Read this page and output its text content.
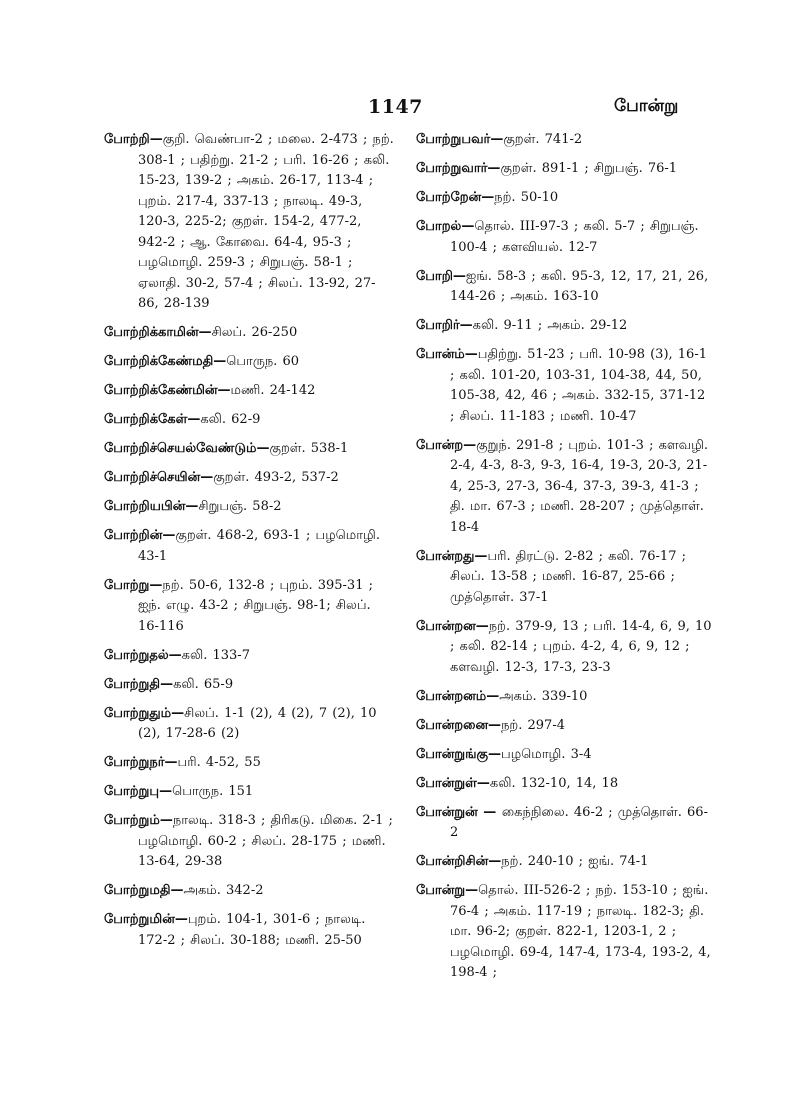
1147	போன்று

போற்றி—குறி. வெண்பா-2 ; மலை. 2-473 ; நற். 308-1 ; பதிற்று. 21-2 ; பரி. 16-26 ; கலி. 15-23, 139-2 ; அகம். 26-17, 113-4 ; புறம். 217-4, 337-13 ; நாலடி. 49-3, 120-3, 225-2; குறள். 154-2, 477-2, 942-2 ; ஆ. கோவை. 64-4, 95-3 ; பழமொழி. 259-3 ; சிறுபஞ். 58-1 ; ஏலாதி. 30-2, 57-4 ; சிலப். 13-92, 27-86, 28-139

போற்றிக்காமின்—சிலப். 26-250

போற்றிக்கேண்மதி—பொருந. 60

போற்றிக்கேண்மின்—மணி. 24-142

போற்றிக்கேள்—கலி. 62-9

போற்றிச்செயல்வேண்டும்—குறள். 538-1

போற்றிச்செயின்—குறள். 493-2, 537-2

போற்றியபின்—சிறுபஞ். 58-2

போற்றின்—குறள். 468-2, 693-1 ; பழமொழி. 43-1

போற்று—நற். 50-6, 132-8 ; புறம். 395-31 ; ஐந். எழு. 43-2 ; சிறுபஞ். 98-1; சிலப். 16-116

போற்றுதல்—கலி. 133-7

போற்றுதி—கலி. 65-9

போற்றுதும்—சிலப். 1-1 (2), 4 (2), 7 (2), 10 (2), 17-28-6 (2)

போற்றுநர்—பரி. 4-52, 55

போற்றுபு—பொருந. 151

போற்றும்—நாலடி. 318-3 ; திரிகடு. மிகை. 2-1 ; பழமொழி. 60-2 ; சிலப். 28-175 ; மணி. 13-64, 29-38

போற்றுமதி—அகம். 342-2

போற்றுமின்—புறம். 104-1, 301-6 ; நாலடி. 172-2 ; சிலப். 30-188; மணி. 25-50

போற்றுபவர்—குறள். 741-2

போற்றுவார்—குறள். 891-1 ; சிறுபஞ். 76-1

போற்றேன்—நற். 50-10

போறல்—தொல். III-97-3 ; கலி. 5-7 ; சிறுபஞ். 100-4 ; களவியல். 12-7

போறி—ஐங். 58-3 ; கலி. 95-3, 12, 17, 21, 26, 144-26 ; அகம். 163-10

போறிர்—கலி. 9-11 ; அகம். 29-12

போன்ம்—பதிற்று. 51-23 ; பரி. 10-98 (3), 16-1 ; கலி. 101-20, 103-31, 104-38, 44, 50, 105-38, 42, 46 ; அகம். 332-15, 371-12 ; சிலப். 11-183 ; மணி. 10-47

போன்ற—குறுந். 291-8 ; புறம். 101-3 ; களவழி. 2-4, 4-3, 8-3, 9-3, 16-4, 19-3, 20-3, 21-4, 25-3, 27-3, 36-4, 37-3, 39-3, 41-3 ; தி. மா. 67-3 ; மணி. 28-207 ; முத்தொள். 18-4

போன்றது—பரி. திரட்டு. 2-82 ; கலி. 76-17 ; சிலப். 13-58 ; மணி. 16-87, 25-66 ; முத்தொள். 37-1

போன்றன—நற். 379-9, 13 ; பரி. 14-4, 6, 9, 10 ; கலி. 82-14 ; புறம். 4-2, 4, 6, 9, 12 ; களவழி. 12-3, 17-3, 23-3

போன்றனம்—அகம். 339-10

போன்றனை—நற். 297-4

போன்றுங்கு—பழமொழி. 3-4

போன்றுள்—கலி. 132-10, 14, 18

போன்றுன் — கைந்நிலை. 46-2 ; முத்தொள். 66-2

போன்றிசின்—நற். 240-10 ; ஐங். 74-1

போன்று—தொல். III-526-2 ; நற். 153-10 ; ஐங். 76-4 ; அகம். 117-19 ; நாலடி. 182-3; தி. மா. 96-2; குறள். 822-1, 1203-1, 2 ; பழமொழி. 69-4, 147-4, 173-4, 193-2, 4, 198-4 ;
